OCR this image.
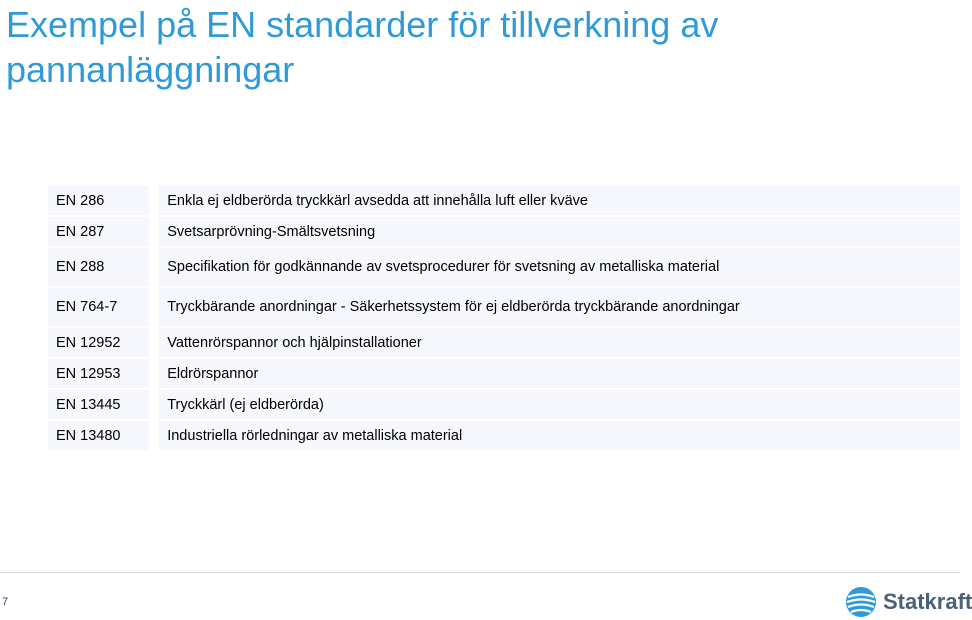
Exempel på EN standarder för tillverkning av pannanläggningar
EN 286	Enkla ej eldberörda tryckkärl avsedda att innehålla luft eller kväve
EN 287	Svetsarprövning-Smältsvetsning
EN 288	Specifikation för godkännande av svetsprocedurer för svetsning av metalliska material
EN 764-7	Tryckbärande anordningar - Säkerhetssystem för ej eldberörda tryckbärande anordningar
EN 12952	Vattenrörspannor och hjälpinstallationer
EN 12953	Eldrörspannor
EN 13445	Tryckkärl (ej eldberörda)
EN 13480	Industriella rörledningar av metalliska material
7	Statkraft
